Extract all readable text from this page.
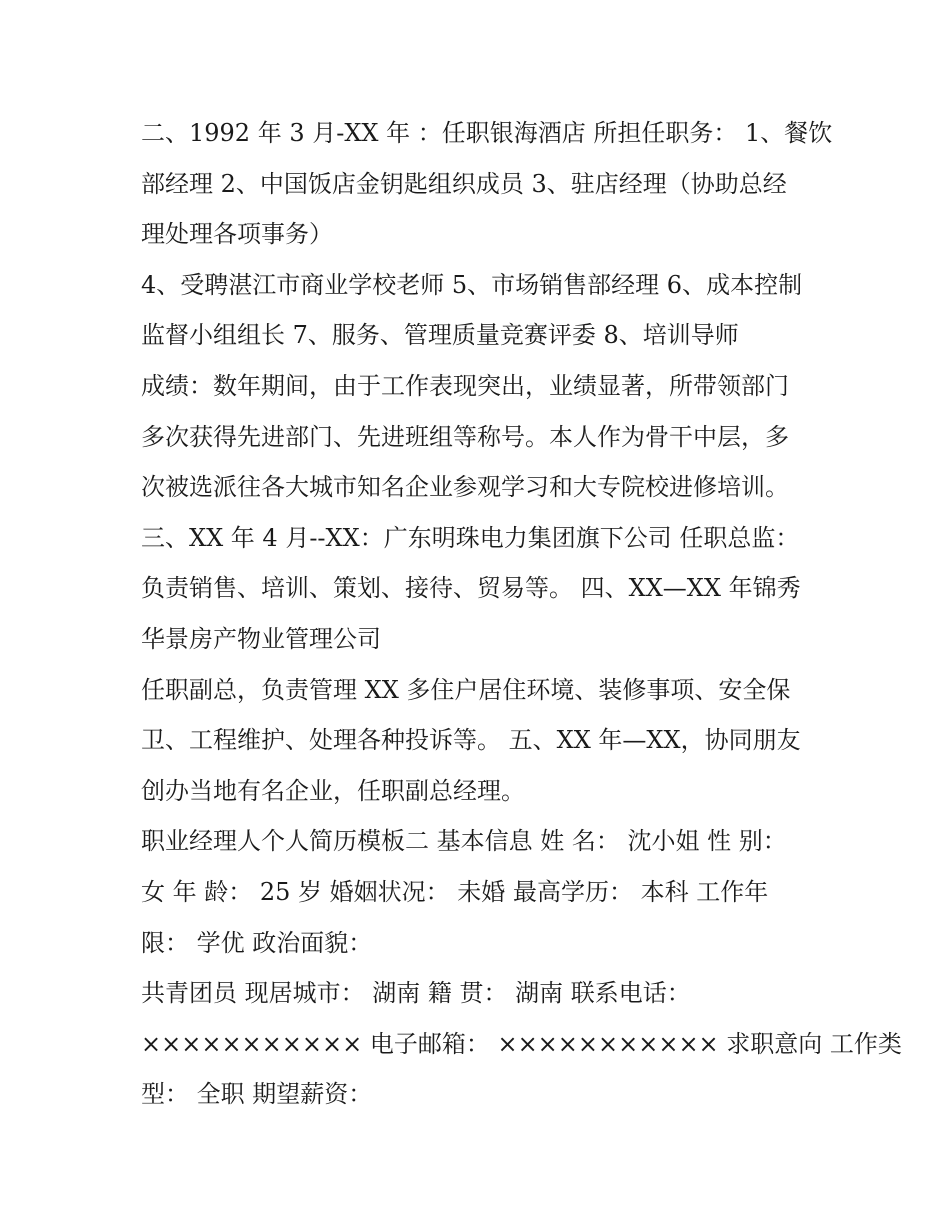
二、1992 年 3 月-XX 年 ：任职银海酒店 所担任职务： 1、餐饮
部经理 2、中国饭店金钥匙组织成员 3、驻店经理（协助总经
理处理各项事务）
4、受聘湛江市商业学校老师 5、市场销售部经理 6、成本控制
监督小组组长 7、服务、管理质量竞赛评委 8、培训导师
成绩：数年期间，由于工作表现突出，业绩显著，所带领部门
多次获得先进部门、先进班组等称号。本人作为骨干中层，多
次被选派往各大城市知名企业参观学习和大专院校进修培训。
三、XX 年 4 月--XX：广东明珠电力集团旗下公司 任职总监：
负责销售、培训、策划、接待、贸易等。 四、XX—XX 年锦秀
华景房产物业管理公司
任职副总，负责管理 XX 多住户居住环境、装修事项、安全保
卫、工程维护、处理各种投诉等。 五、XX 年—XX，协同朋友
创办当地有名企业，任职副总经理。
职业经理人个人简历模板二 基本信息 姓 名： 沈小姐 性 别：
女 年 龄： 25 岁 婚姻状况： 未婚 最高学历： 本科 工作年
限： 学优 政治面貌：
共青团员 现居城市： 湖南 籍 贯： 湖南 联系电话：
××××××××××× 电子邮箱： ××××××××××× 求职意向 工作类
型： 全职 期望薪资：
